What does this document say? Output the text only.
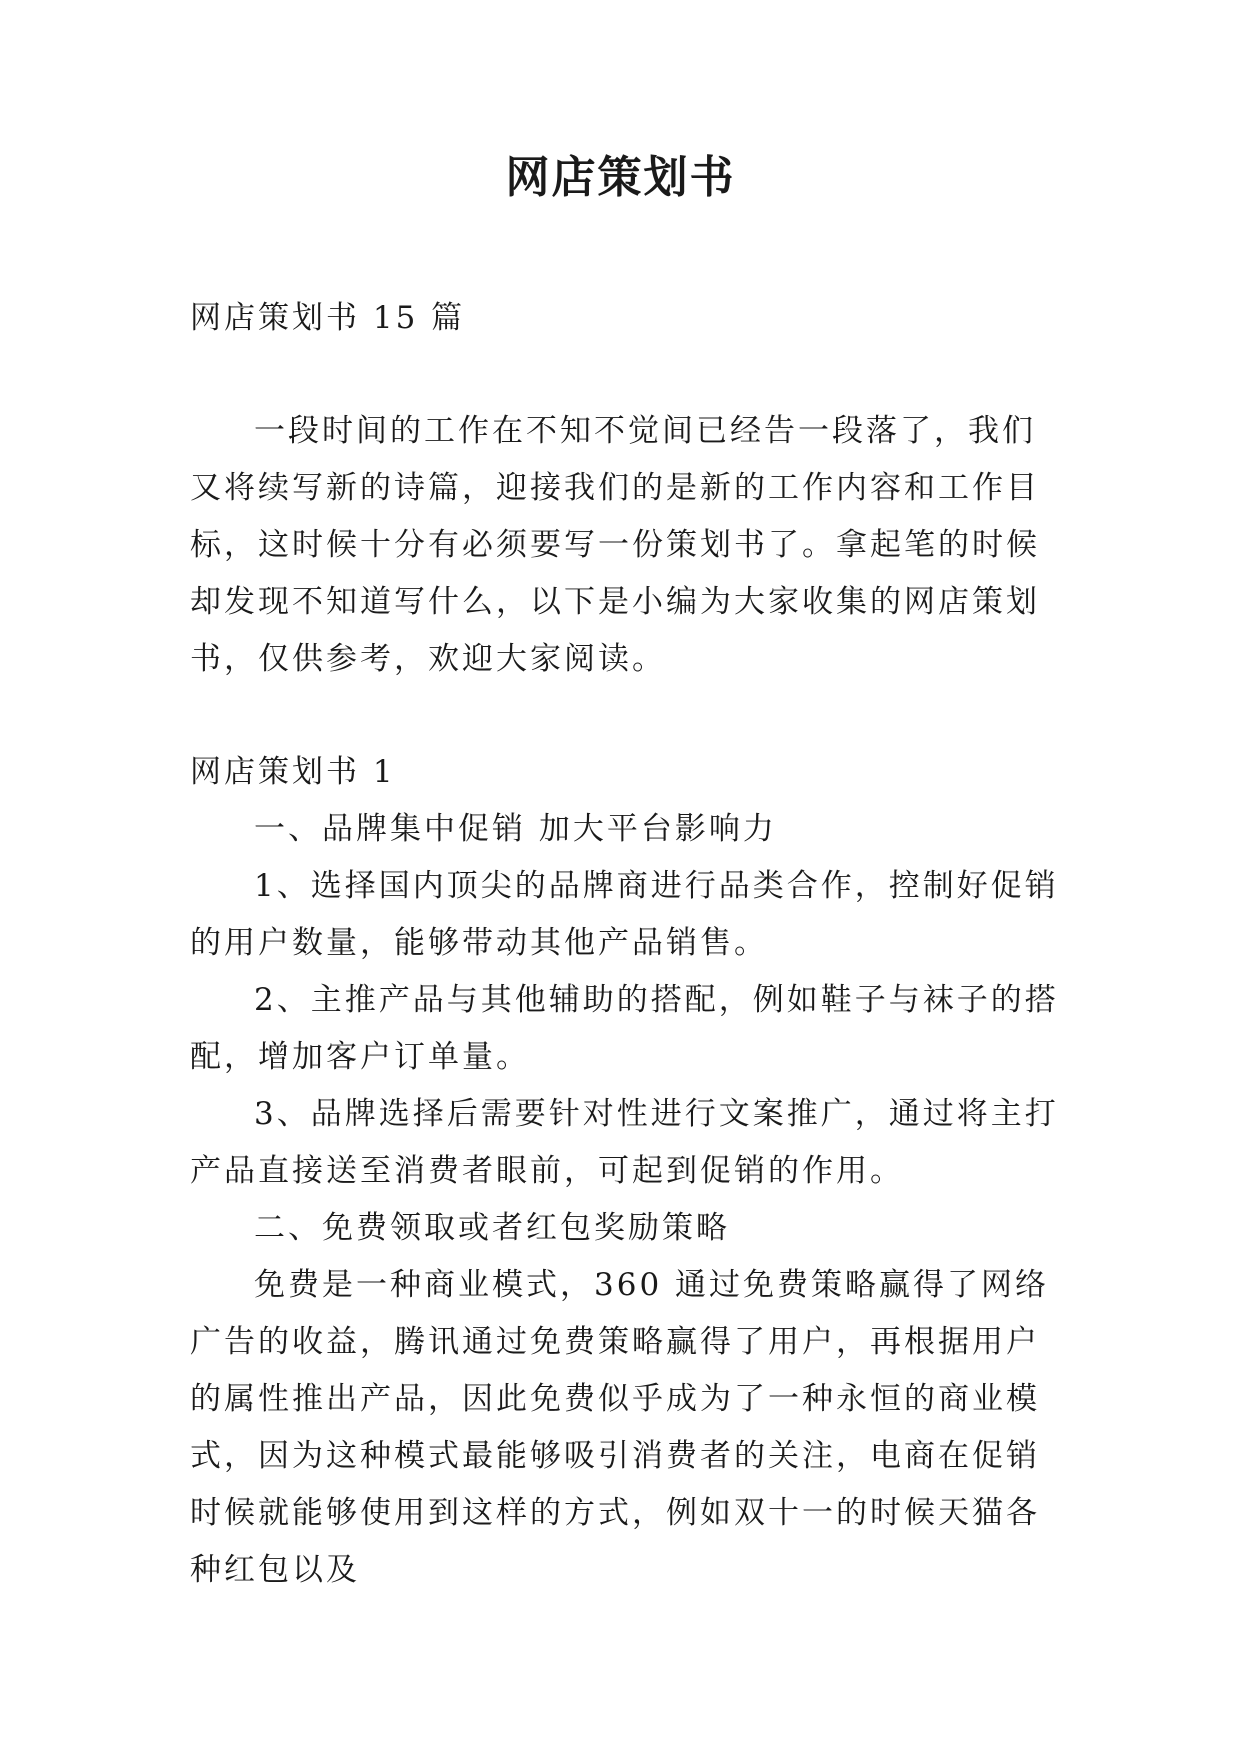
网店策划书

网店策划书 15 篇

一段时间的工作在不知不觉间已经告一段落了，我们又将续写新的诗篇，迎接我们的是新的工作内容和工作目标，这时候十分有必须要写一份策划书了。拿起笔的时候却发现不知道写什么，以下是小编为大家收集的网店策划书，仅供参考，欢迎大家阅读。

网店策划书 1

一、品牌集中促销 加大平台影响力

1、选择国内顶尖的品牌商进行品类合作，控制好促销的用户数量，能够带动其他产品销售。

2、主推产品与其他辅助的搭配，例如鞋子与袜子的搭配，增加客户订单量。

3、品牌选择后需要针对性进行文案推广，通过将主打产品直接送至消费者眼前，可起到促销的作用。

二、免费领取或者红包奖励策略

免费是一种商业模式，360 通过免费策略赢得了网络广告的收益，腾讯通过免费策略赢得了用户，再根据用户的属性推出产品，因此免费似乎成为了一种永恒的商业模式，因为这种模式最能够吸引消费者的关注，电商在促销时候就能够使用到这样的方式，例如双十一的时候天猫各种红包以及
